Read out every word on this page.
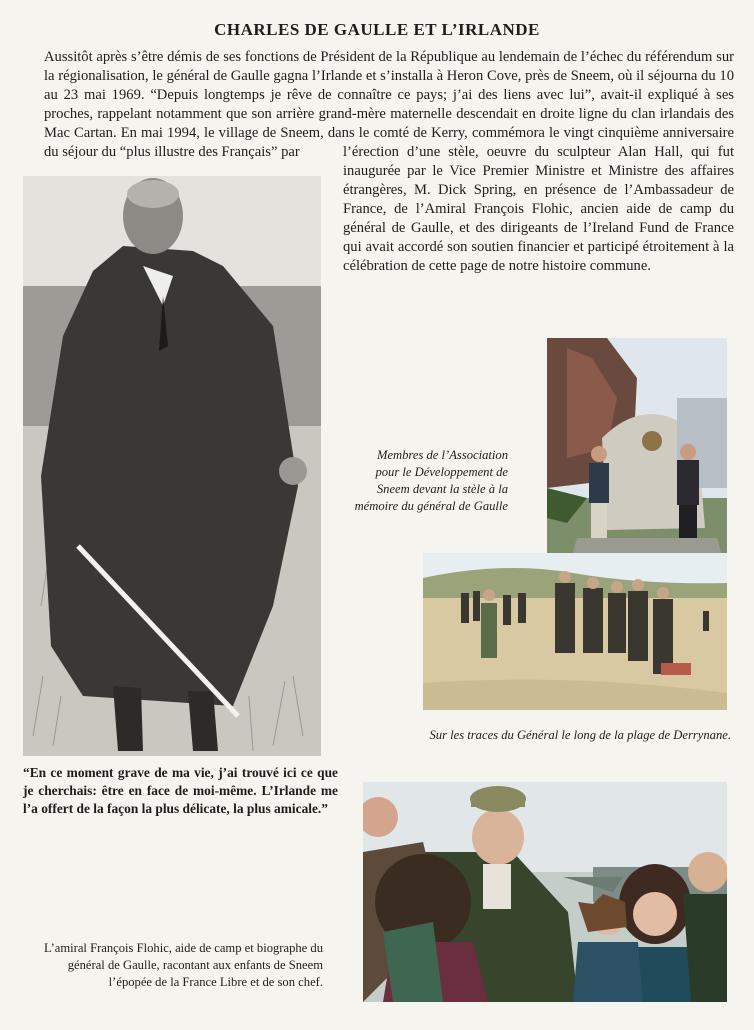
CHARLES DE GAULLE ET L’IRLANDE
Aussitôt après s’être démis de ses fonctions de Président de la République au lendemain de l’échec du référendum sur la régionalisation, le général de Gaulle gagna l’Irlande et s’installa à Heron Cove, près de Sneem, où il séjourna du 10 au 23 mai 1969. “Depuis longtemps je rêve de connaître ce pays; j’ai des liens avec lui”, avait-il expliqué à ses proches, rappelant notamment que son arrière grand-mère maternelle descendait en droite ligne du clan irlandais des Mac Cartan. En mai 1994, le village de Sneem, dans le comté de Kerry, commémora le vingt cinquième anniversaire du séjour du “plus illustre des Français” par	l’érection d’une stèle, oeuvre du sculpteur Alan Hall, qui fut inaugurée par le Vice Premier Ministre et Ministre des affaires étrangères, M. Dick Spring, en présence de l’Ambassadeur de France, de l’Amiral François Flohic, ancien aide de camp du général de Gaulle, et des dirigeants de l’Ireland Fund de France qui avait accordé son soutien financier et participé étroitement à la célébration de cette page de notre histoire commune.
Membres de l’Association pour le Développement de Sneem devant la stèle à la mémoire du général de Gaulle
Sur les traces du Général le long de la plage de Derrynane.
“En ce moment grave de ma vie, j’ai trouvé ici ce que je cherchais: être en face de moi-même. L’Irlande me l’a offert de la façon la plus délicate, la plus amicale.”
L’amiral François Flohic, aide de camp et biographe du général de Gaulle, racontant aux enfants de Sneem l’épopée de la France Libre et de son chef.
